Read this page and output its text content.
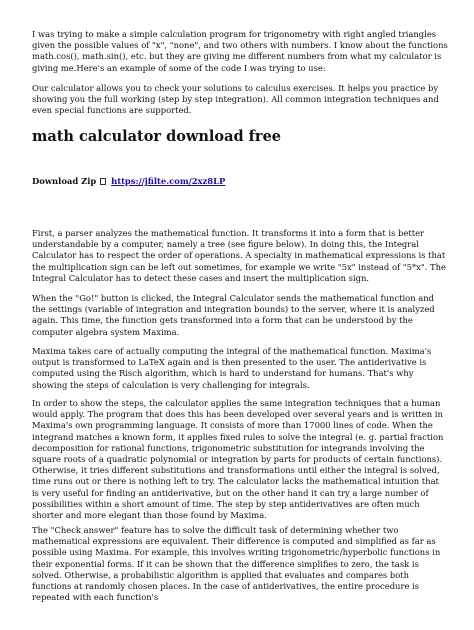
I was trying to make a simple calculation program for trigonometry with right angled triangles given the possible values of "x", "none", and two others with numbers. I know about the functions math.cos(), math.sin(), etc. but they are giving me different numbers from what my calculator is giving me.Here's an example of some of the code I was trying to use:

Our calculator allows you to check your solutions to calculus exercises. It helps you practice by showing you the full working (step by step integration). All common integration techniques and even special functions are supported.

math calculator download free
Download Zip https://jfilte.com/2xz8LP

First, a parser analyzes the mathematical function. It transforms it into a form that is better understandable by a computer, namely a tree (see figure below). In doing this, the Integral Calculator has to respect the order of operations. A specialty in mathematical expressions is that the multiplication sign can be left out sometimes, for example we write "5x" instead of "5*x". The Integral Calculator has to detect these cases and insert the multiplication sign.

When the "Go!" button is clicked, the Integral Calculator sends the mathematical function and the settings (variable of integration and integration bounds) to the server, where it is analyzed again. This time, the function gets transformed into a form that can be understood by the computer algebra system Maxima.

Maxima takes care of actually computing the integral of the mathematical function. Maxima's output is transformed to LaTeX again and is then presented to the user. The antiderivative is computed using the Risch algorithm, which is hard to understand for humans. That's why showing the steps of calculation is very challenging for integrals.

In order to show the steps, the calculator applies the same integration techniques that a human would apply. The program that does this has been developed over several years and is written in Maxima's own programming language. It consists of more than 17000 lines of code. When the integrand matches a known form, it applies fixed rules to solve the integral (e. g. partial fraction decomposition for rational functions, trigonometric substitution for integrands involving the square roots of a quadratic polynomial or integration by parts for products of certain functions). Otherwise, it tries different substitutions and transformations until either the integral is solved, time runs out or there is nothing left to try. The calculator lacks the mathematical intuition that is very useful for finding an antiderivative, but on the other hand it can try a large number of possibilities within a short amount of time. The step by step antiderivatives are often much shorter and more elegant than those found by Maxima.

The "Check answer" feature has to solve the difficult task of determining whether two mathematical expressions are equivalent. Their difference is computed and simplified as far as possible using Maxima. For example, this involves writing trigonometric/hyperbolic functions in their exponential forms. If it can be shown that the difference simplifies to zero, the task is solved. Otherwise, a probabilistic algorithm is applied that evaluates and compares both functions at randomly chosen places. In the case of antiderivatives, the entire procedure is repeated with each function's
